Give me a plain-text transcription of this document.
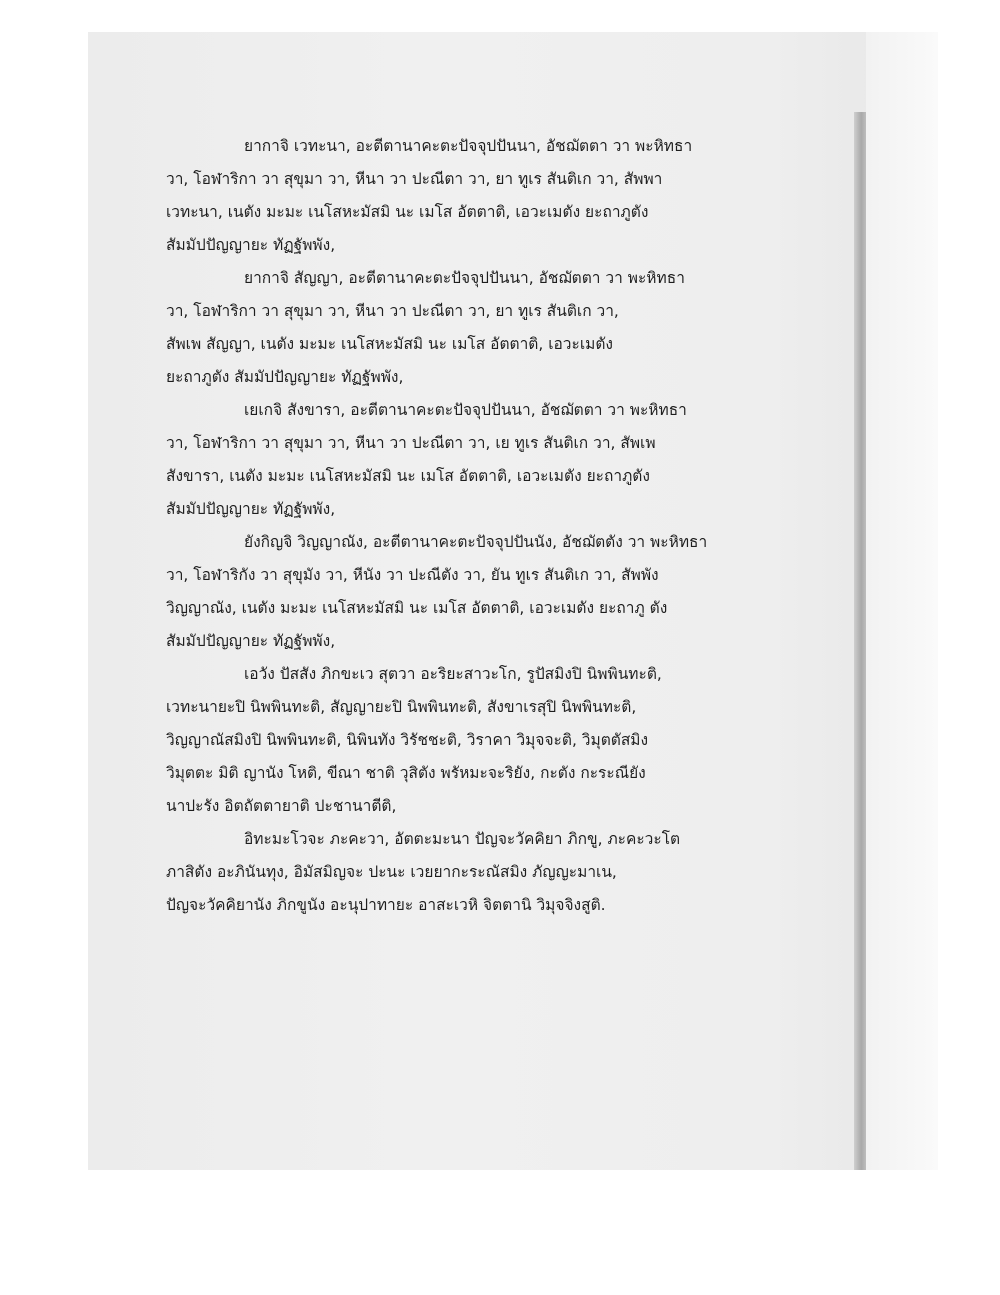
ยากาจิ เวทะนา, อะตีตานาคะตะปัจจุปปันนา, อัชฌัตตา วา พะหิทธา
วา, โอฬาริกา วา สุขุมา วา, หีนา วา ปะณีตา วา, ยา ทูเร สันติเก วา, สัพพา
เวทะนา, เนตัง มะมะ เนโสหะมัสมิ นะ เมโส อัตตาติ, เอวะเมตัง ยะถาภูตัง
สัมมัปปัญญายะ ทัฏฐัพพัง,

ยากาจิ สัญญา, อะตีตานาคะตะปัจจุปปันนา, อัชฌัตตา วา พะหิทธา
วา, โอฬาริกา วา สุขุมา วา, หีนา วา ปะณีตา วา, ยา ทูเร สันติเก วา,
สัพเพ สัญญา, เนตัง มะมะ เนโสหะมัสมิ นะ เมโส อัตตาติ, เอวะเมตัง
ยะถาภูตัง สัมมัปปัญญายะ ทัฏฐัพพัง,

เยเกจิ สังขารา, อะตีตานาคะตะปัจจุปปันนา, อัชฌัตตา วา พะหิทธา
วา, โอฬาริกา วา สุขุมา วา, หีนา วา ปะณีตา วา, เย ทูเร สันติเก วา, สัพเพ
สังขารา, เนตัง มะมะ เนโสหะมัสมิ นะ เมโส อัตตาติ, เอวะเมตัง ยะถาภูตัง
สัมมัปปัญญายะ ทัฏฐัพพัง,

ยังกิญจิ วิญญาณัง, อะตีตานาคะตะปัจจุปปันนัง, อัชฌัตตัง วา พะหิทธา
วา, โอฬาริกัง วา สุขุมัง วา, หีนัง วา ปะณีตัง วา, ยัน ทูเร สันติเก วา, สัพพัง
วิญญาณัง, เนตัง มะมะ เนโสหะมัสมิ นะ เมโส อัตตาติ, เอวะเมตัง ยะถาภู ตัง
สัมมัปปัญญายะ ทัฏฐัพพัง,

เอวัง ปัสสัง ภิกขะเว สุตวา อะริยะสาวะโก, รูปัสมิงปิ นิพพินทะติ,
เวทะนายะปิ นิพพินทะติ, สัญญายะปิ นิพพินทะติ, สังขาเรสุปิ นิพพินทะติ,
วิญญาณัสมิงปิ นิพพินทะติ, นิพินทัง วิรัชชะติ, วิราคา วิมุจจะติ, วิมุตตัสมิง
วิมุตตะ มิติ ญานัง โหติ, ขีณา ชาติ วุสิตัง พรัหมะจะริยัง, กะตัง กะระณียัง
นาปะรัง อิตถัตตายาติ ปะชานาตีติ,

อิทะมะโวจะ ภะคะวา, อัตตะมะนา ปัญจะวัคคิยา ภิกขู, ภะคะวะโต
ภาสิตัง อะภินันทุง, อิมัสมิญจะ ปะนะ เวยยากะระณัสมิง ภัญญะมาเน,
ปัญจะวัคคิยานัง ภิกขูนัง อะนุปาทายะ อาสะเวหิ จิตตานิ วิมุจจิงสูติ.
